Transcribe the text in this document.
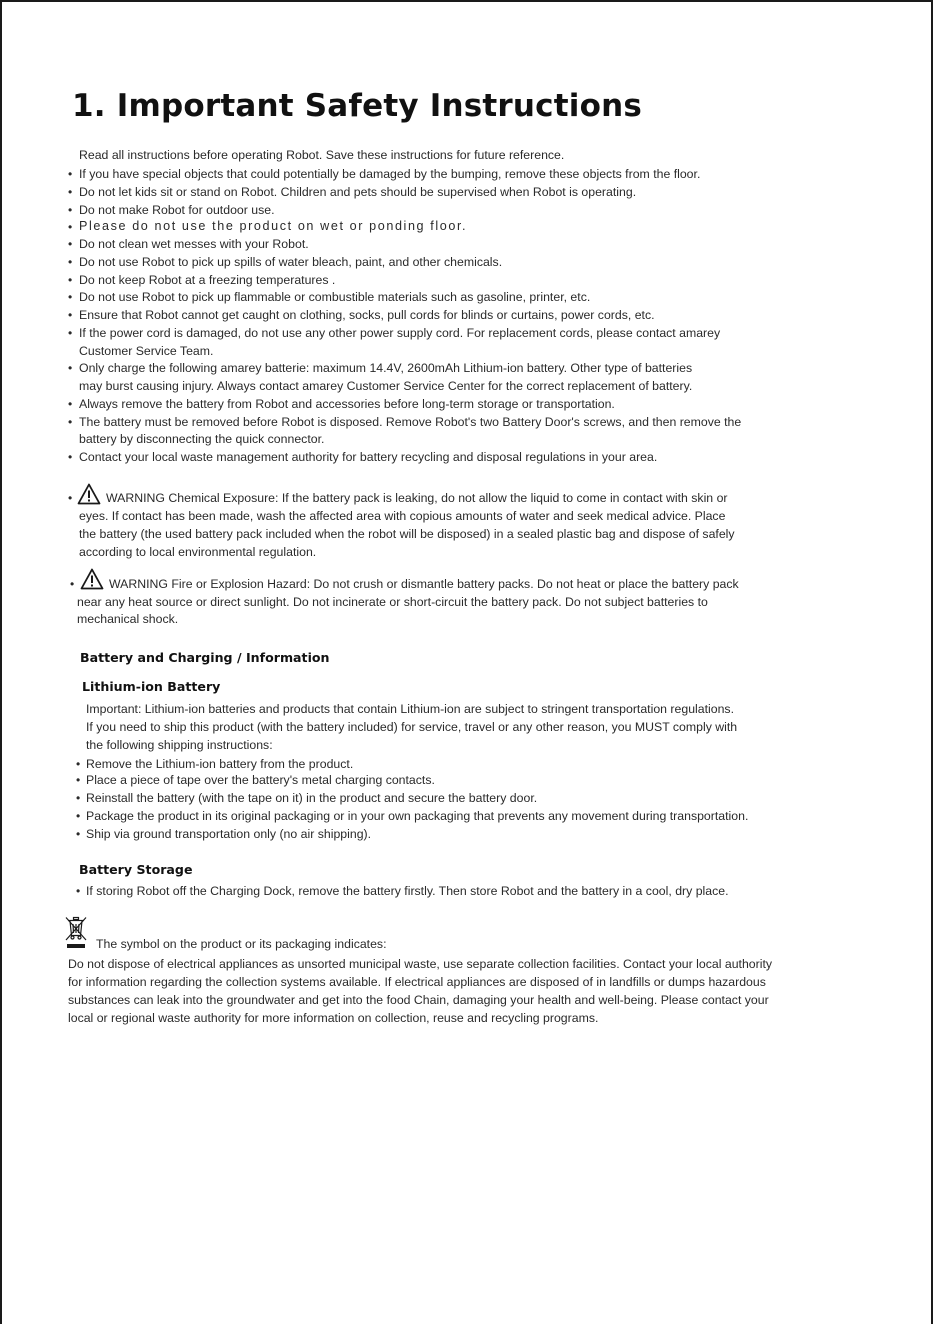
1. Important Safety Instructions
Read all instructions before operating Robot. Save these instructions for future reference.
• If you have special objects that could potentially be damaged by the bumping, remove these objects from the floor.
• Do not let kids sit or stand on Robot. Children and pets should be supervised when Robot is operating.
• Do not make Robot for outdoor use.
• Please do not use the product on wet or ponding floor.
• Do not clean wet messes with your Robot.
• Do not use Robot to pick up spills of water bleach, paint, and other chemicals.
• Do not keep Robot at a freezing temperatures .
• Do not use Robot to pick up flammable or combustible materials such as gasoline, printer, etc.
• Ensure that Robot cannot get caught on clothing, socks, pull cords for blinds or curtains, power cords, etc.
• If the power cord is damaged, do not use any other power supply cord. For replacement cords, please contact amarey
Customer Service Team.
• Only charge the following amarey batterie: maximum 14.4V, 2600mAh Lithium-ion battery. Other type of batteries
may burst causing injury. Always contact amarey Customer Service Center for the correct replacement of battery.
• Always remove the battery from Robot and accessories before long-term storage or transportation.
• The battery must be removed before Robot is disposed. Remove Robot's two Battery Door's screws, and then remove the
battery by disconnecting the quick connector.
• Contact your local waste management authority for battery recycling and disposal regulations in your area.
•	WARNING Chemical Exposure: If the battery pack is leaking, do not allow the liquid to come in contact with skin or
eyes. If contact has been made, wash the affected area with copious amounts of water and seek medical advice. Place
the battery (the used battery pack included when the robot will be disposed) in a sealed plastic bag and dispose of safely
according to local environmental regulation.
•	WARNING Fire or Explosion Hazard: Do not crush or dismantle battery packs. Do not heat or place the battery pack
near any heat source or direct sunlight. Do not incinerate or short-circuit the battery pack. Do not subject batteries to
mechanical shock.
Battery and Charging / Information
Lithium-ion Battery
Important: Lithium-ion batteries and products that contain Lithium-ion are subject to stringent transportation regulations.
If you need to ship this product (with the battery included) for service, travel or any other reason, you MUST comply with
the following shipping instructions:
• Remove the Lithium-ion battery from the product.
• Place a piece of tape over the battery's metal charging contacts.
• Reinstall the battery (with the tape on it) in the product and secure the battery door.
• Package the product in its original packaging or in your own packaging that prevents any movement during transportation.
• Ship via ground transportation only (no air shipping).
Battery Storage
• If storing Robot off the Charging Dock, remove the battery firstly. Then store Robot and the battery in a cool, dry place.
The symbol on the product or its packaging indicates:
Do not dispose of electrical appliances as unsorted municipal waste, use separate collection facilities. Contact your local authority
for information regarding the collection systems available. If electrical appliances are disposed of in landfills or dumps hazardous
substances can leak into the groundwater and get into the food Chain, damaging your health and well-being. Please contact your
local or regional waste authority for more information on collection, reuse and recycling programs.
